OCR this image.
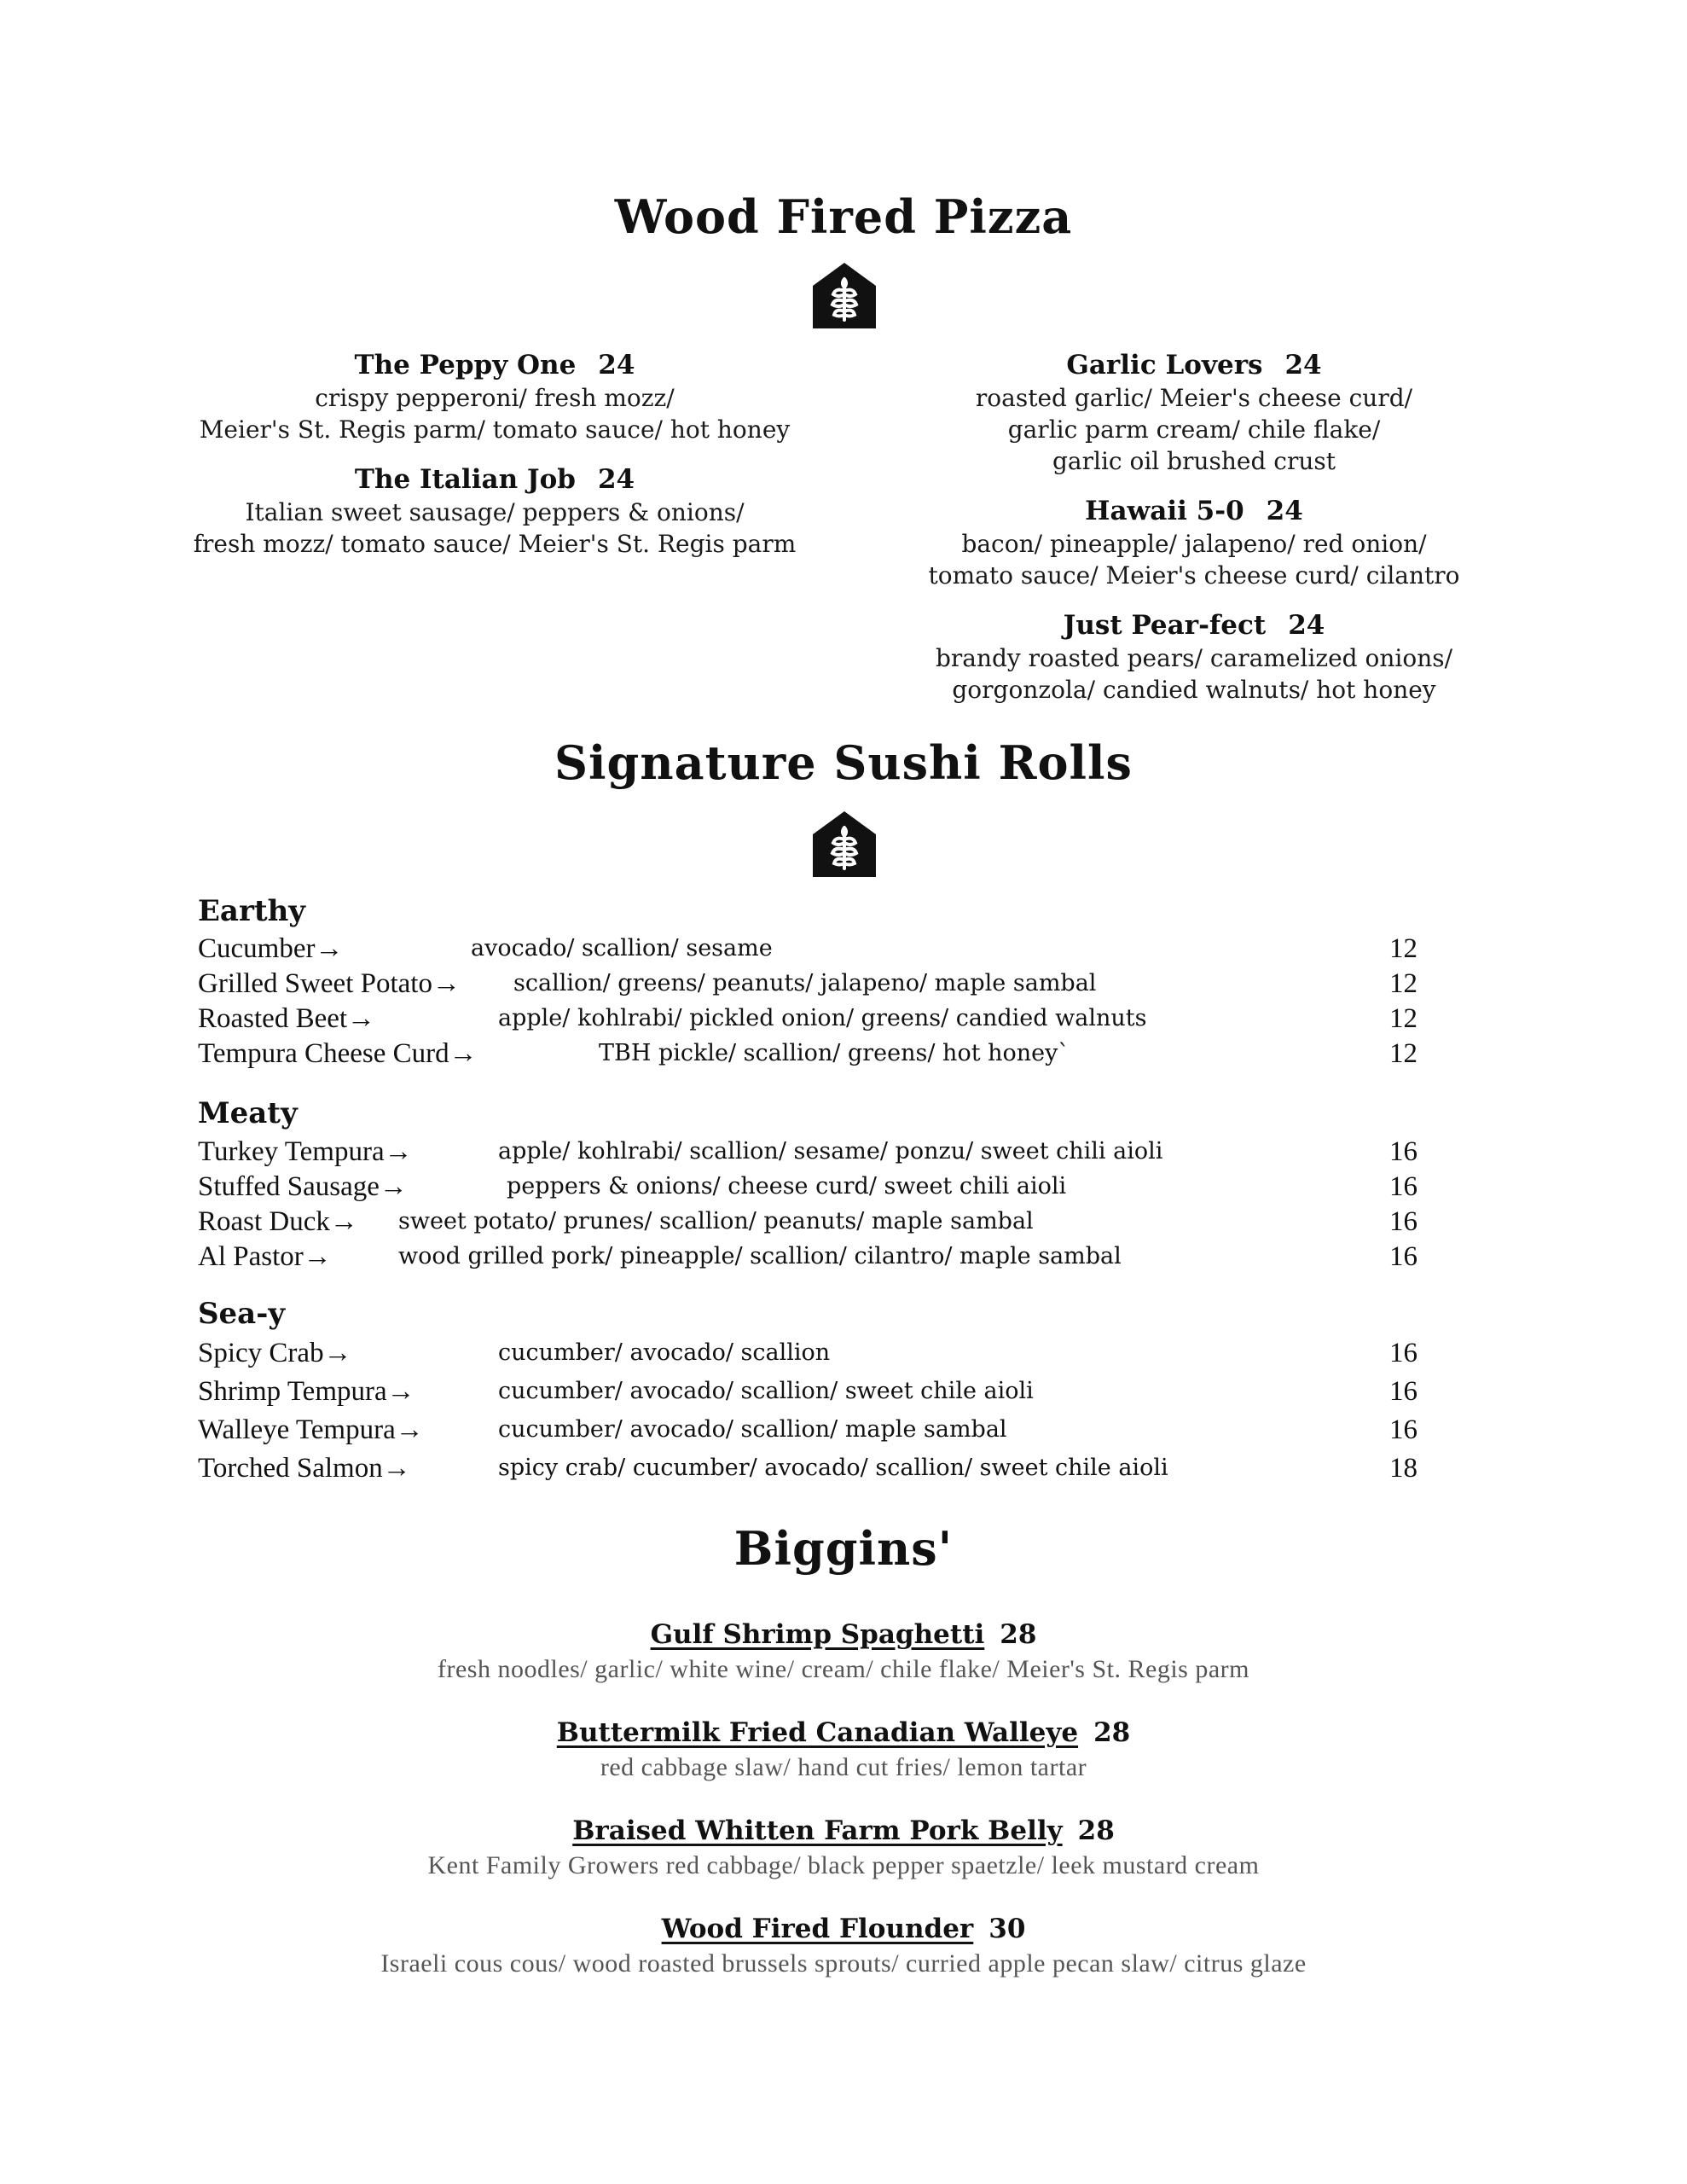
Wood Fired Pizza
The Peppy One 24
crispy pepperoni/ fresh mozz/
Meier's St. Regis parm/ tomato sauce/ hot honey
The Italian Job 24
Italian sweet sausage/ peppers & onions/
fresh mozz/ tomato sauce/ Meier's St. Regis parm
Garlic Lovers 24
roasted garlic/ Meier's cheese curd/
garlic parm cream/ chile flake/
garlic oil brushed crust
Hawaii 5-0 24
bacon/ pineapple/ jalapeno/ red onion/
tomato sauce/ Meier's cheese curd/ cilantro
Just Pear-fect 24
brandy roasted pears/ caramelized onions/
gorgonzola/ candied walnuts/ hot honey
Signature Sushi Rolls
Earthy
Cucumber→	avocado/ scallion/ sesame	12
Grilled Sweet Potato→ scallion/ greens/ peanuts/ jalapeno/ maple sambal	12
Roasted Beet→	apple/ kohlrabi/ pickled onion/ greens/ candied walnuts	12
Tempura Cheese Curd→	TBH pickle/ scallion/ greens/ hot honey`	12
Meaty
Turkey Tempura→	apple/ kohlrabi/ scallion/ sesame/ ponzu/ sweet chili aioli	16
Stuffed Sausage→	peppers & onions/ cheese curd/ sweet chili aioli	16
Roast Duck→ sweet potato/ prunes/ scallion/ peanuts/ maple sambal	16
Al Pastor→	wood grilled pork/ pineapple/ scallion/ cilantro/ maple sambal	16
Sea-y
Spicy Crab→	cucumber/ avocado/ scallion	16
Shrimp Tempura→	cucumber/ avocado/ scallion/ sweet chile aioli	16
Walleye Tempura→	cucumber/ avocado/ scallion/ maple sambal	16
Torched Salmon→	spicy crab/ cucumber/ avocado/ scallion/ sweet chile aioli	18
Biggins'
Gulf Shrimp Spaghetti 28
fresh noodles/ garlic/ white wine/ cream/ chile flake/ Meier's St. Regis parm
Buttermilk Fried Canadian Walleye 28
red cabbage slaw/ hand cut fries/ lemon tartar
Braised Whitten Farm Pork Belly 28
Kent Family Growers red cabbage/ black pepper spaetzle/ leek mustard cream
Wood Fired Flounder 30
Israeli cous cous/ wood roasted brussels sprouts/ curried apple pecan slaw/ citrus glaze
